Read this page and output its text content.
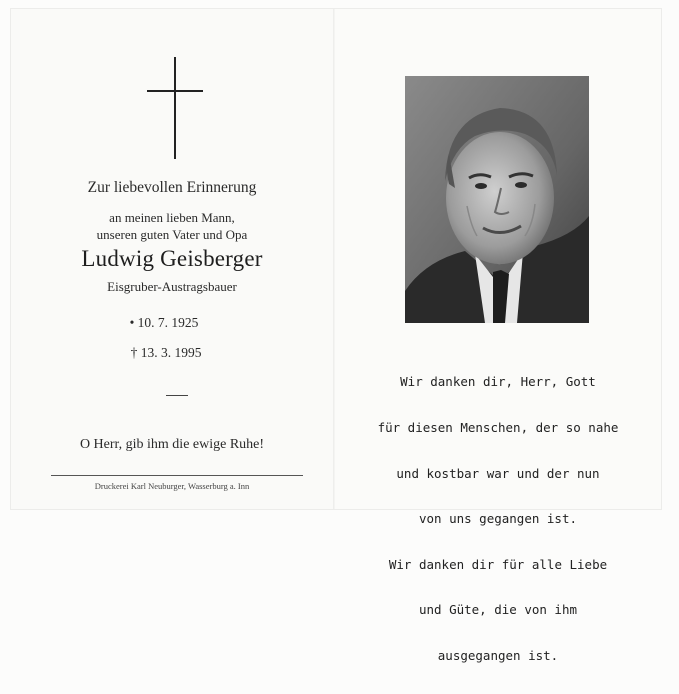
Zur liebevollen Erinnerung
an meinen lieben Mann,
unseren guten Vater und Opa
Ludwig Geisberger
Eisgruber-Austragsbauer
• 10. 7. 1925
† 13. 3. 1995
O Herr, gib ihm die ewige Ruhe!
Druckerei Karl Neuburger, Wasserburg a. Inn

Wir danken dir, Herr, Gott

für diesen Menschen, der so nahe

und kostbar war und der nun

von uns gegangen ist.

Wir danken dir für alle Liebe

und Güte, die von ihm

ausgegangen ist.
